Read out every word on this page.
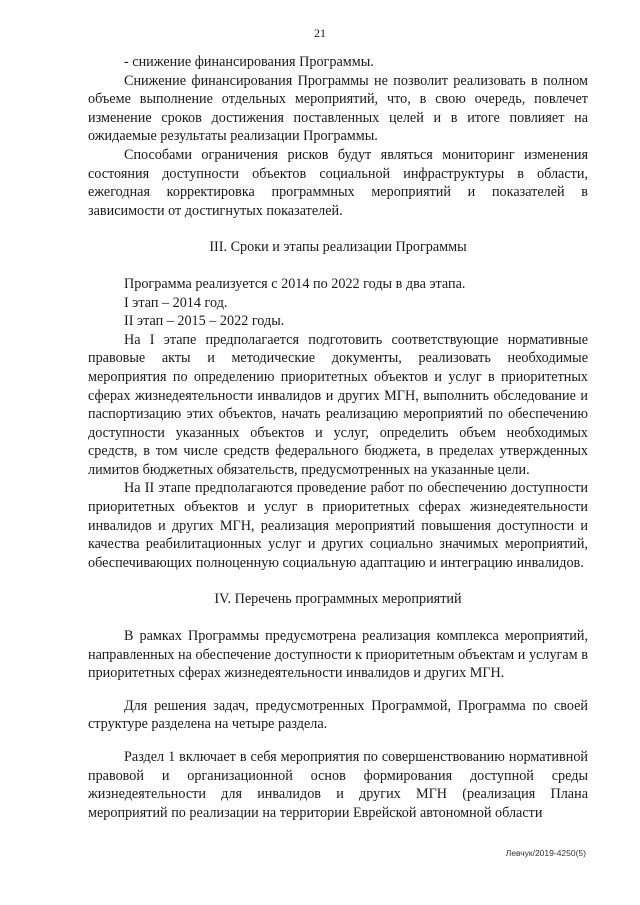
21

- снижение финансирования Программы.

Снижение финансирования Программы не позволит реализовать в полном объеме выполнение отдельных мероприятий, что, в свою очередь, повлечет изменение сроков достижения поставленных целей и в итоге повлияет на ожидаемые результаты реализации Программы.

Способами ограничения рисков будут являться мониторинг изменения состояния доступности объектов социальной инфраструктуры в области, ежегодная корректировка программных мероприятий и показателей в зависимости от достигнутых показателей.

III. Сроки и этапы реализации Программы

Программа реализуется с 2014 по 2022 годы в два этапа.

I этап – 2014 год.

II этап – 2015 – 2022 годы.

На I этапе предполагается подготовить соответствующие нормативные правовые акты и методические документы, реализовать необходимые мероприятия по определению приоритетных объектов и услуг в приоритетных сферах жизнедеятельности инвалидов и других МГН, выполнить обследование и паспортизацию этих объектов, начать реализацию мероприятий по обеспечению доступности указанных объектов и услуг, определить объем необходимых средств, в том числе средств федерального бюджета, в пределах утвержденных лимитов бюджетных обязательств, предусмотренных на указанные цели.

На II этапе предполагаются проведение работ по обеспечению доступности приоритетных объектов и услуг в приоритетных сферах жизнедеятельности инвалидов и других МГН, реализация мероприятий повышения доступности и качества реабилитационных услуг и других социально значимых мероприятий, обеспечивающих полноценную социальную адаптацию и интеграцию инвалидов.

IV. Перечень программных мероприятий

В рамках Программы предусмотрена реализация комплекса мероприятий, направленных на обеспечение доступности к приоритетным объектам и услугам в приоритетных сферах жизнедеятельности инвалидов и других МГН.

Для решения задач, предусмотренных Программой, Программа по своей структуре разделена на четыре раздела.

Раздел 1 включает в себя мероприятия по совершенствованию нормативной правовой и организационной основ формирования доступной среды жизнедеятельности для инвалидов и других МГН (реализация Плана мероприятий по реализации на территории Еврейской автономной области

Левчук/2019-4250(5)
